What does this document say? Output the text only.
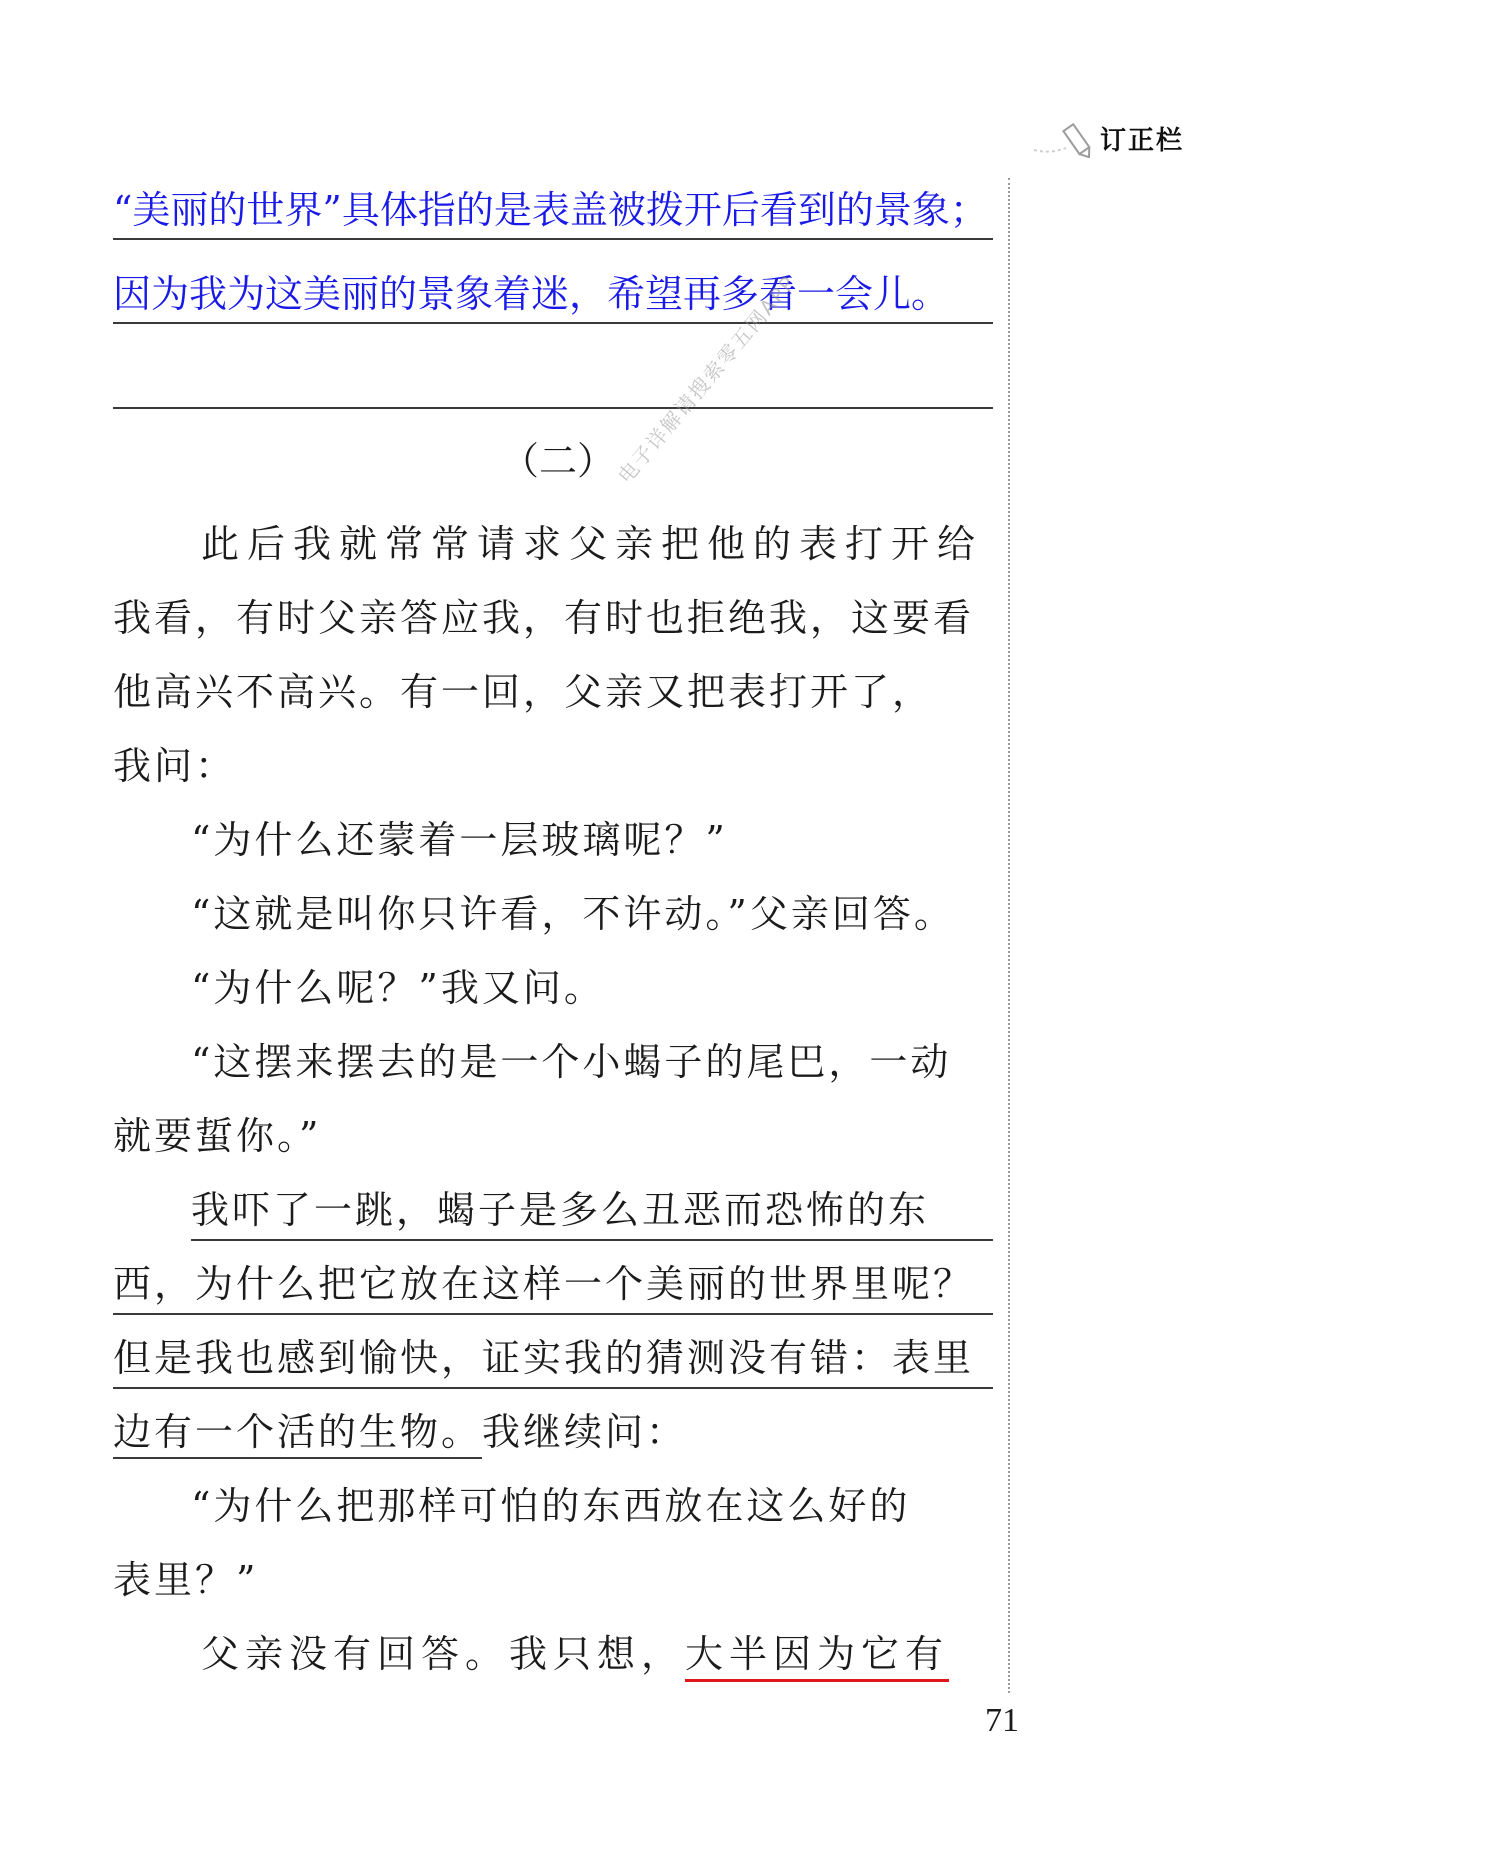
订正栏
“美丽的世界”具体指的是表盖被拨开后看到的景象；
因为我为这美丽的景象着迷，希望再多看一会儿。
（二）
电子详解请搜索零五网APP
此后我就常常请求父亲把他的表打开给
我看，有时父亲答应我，有时也拒绝我，这要看
他高兴不高兴。有一回，父亲又把表打开了，
我问：
“为什么还蒙着一层玻璃呢？”
“这就是叫你只许看，不许动。”父亲回答。
“为什么呢？”我又问。
“这摆来摆去的是一个小蝎子的尾巴，一动
就要蜇你。”
我吓了一跳，蝎子是多么丑恶而恐怖的东
西，为什么把它放在这样一个美丽的世界里呢？
但是我也感到愉快，证实我的猜测没有错：表里
边有一个活的生物。我继续问：
“为什么把那样可怕的东西放在这么好的
表里？”
父亲没有回答。我只想，大半因为它有
71
